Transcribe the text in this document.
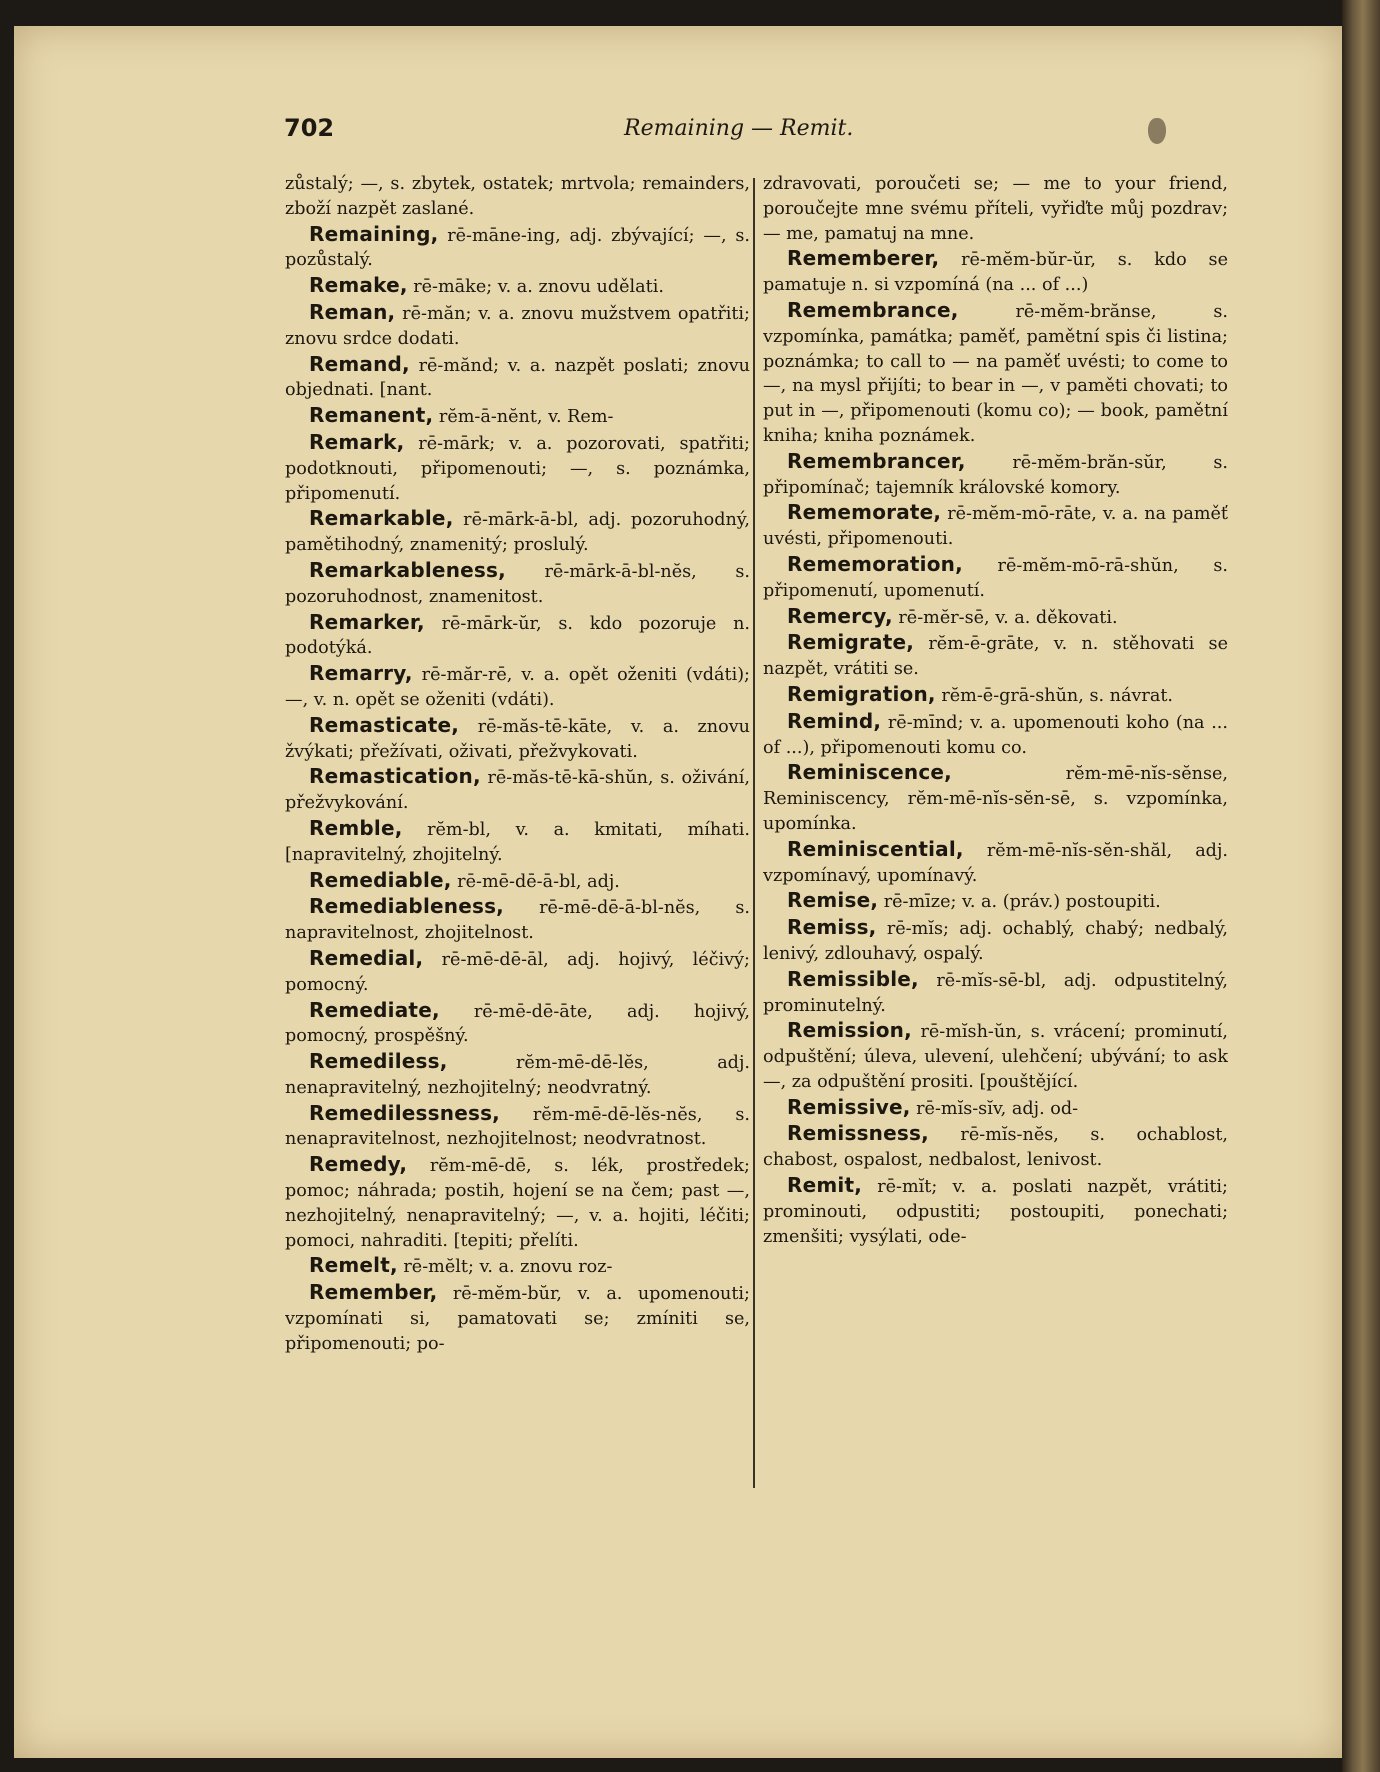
702	Remaining — Remit.

zůstalý; —, s. zbytek, ostatek; mrtvola; remainders, zboží nazpět zaslané.

Remaining, rē-māne-ing, adj. zbývající; —, s. pozůstalý.

Remake, rē-māke; v. a. znovu udělati.

Reman, rē-măn; v. a. znovu mužstvem opatřiti; znovu srdce dodati.

Remand, rē-mănd; v. a. nazpět poslati; znovu objednati. [nant.

Remanent, rĕm-ā-nĕnt, v. Rem-

Remark, rē-mārk; v. a. pozorovati, spatřiti; podotknouti, připomenouti; —, s. poznámka, připomenutí.

Remarkable, rē-mārk-ā-bl, adj. pozoruhodný, pamětihodný, znamenitý; proslulý.

Remarkableness, rē-mārk-ā-bl-nĕs, s. pozoruhodnost, znamenitost.

Remarker, rē-mārk-ŭr, s. kdo pozoruje n. podotýká.

Remarry, rē-măr-rē, v. a. opět oženiti (vdáti); —, v. n. opět se oženiti (vdáti).

Remasticate, rē-măs-tē-kāte, v. a. znovu žvýkati; přežívati, oživati, přežvykovati.

Remastication, rē-măs-tē-kā-shŭn, s. oživání, přežvykování.

Remble, rĕm-bl, v. a. kmitati, míhati. [napravitelný, zhojitelný.

Remediable, rē-mē-dē-ā-bl, adj.

Remediableness, rē-mē-dē-ā-bl-nĕs, s. napravitelnost, zhojitelnost.

Remedial, rē-mē-dē-āl, adj. hojivý, léčivý; pomocný.

Remediate, rē-mē-dē-āte, adj. hojivý, pomocný, prospěšný.

Remediless, rĕm-mē-dē-lĕs, adj. nenapravitelný, nezhojitelný; neodvratný.

Remedilessness, rĕm-mē-dē-lĕs-nĕs, s. nenapravitelnost, nezhojitelnost; neodvratnost.

Remedy, rĕm-mē-dē, s. lék, prostředek; pomoc; náhrada; postih, hojení se na čem; past —, nezhojitelný, nenapravitelný; —, v. a. hojiti, léčiti; pomoci, nahraditi. [tepiti; přelíti.

Remelt, rē-mĕlt; v. a. znovu roz-

Remember, rē-mĕm-bŭr, v. a. upomenouti; vzpomínati si, pamatovati se; zmíniti se, připomenouti; po-

zdravovati, poroučeti se; — me to your friend, poroučejte mne svému příteli, vyřiďte můj pozdrav; — me, pamatuj na mne.

Rememberer, rē-mĕm-bŭr-ŭr, s. kdo se pamatuje n. si vzpomíná (na ... of ...)

Remembrance, rē-mĕm-brănse, s. vzpomínka, památka; paměť, pamětní spis či listina; poznámka; to call to — na paměť uvésti; to come to —, na mysl přijíti; to bear in —, v paměti chovati; to put in —, připomenouti (komu co); — book, pamětní kniha; kniha poznámek.

Remembrancer, rē-mĕm-brăn-sŭr, s. připomínač; tajemník královské komory.

Rememorate, rē-mĕm-mō-rāte, v. a. na paměť uvésti, připomenouti.

Rememoration, rē-mĕm-mō-rā-shŭn, s. připomenutí, upomenutí.

Remercy, rē-mĕr-sē, v. a. děkovati.

Remigrate, rĕm-ē-grāte, v. n. stěhovati se nazpět, vrátiti se.

Remigration, rĕm-ē-grā-shŭn, s. návrat.

Remind, rē-mīnd; v. a. upomenouti koho (na ... of ...), připomenouti komu co.

Reminiscence, rĕm-mē-nĭs-sĕnse, Reminiscency, rĕm-mē-nĭs-sĕn-sē, s. vzpomínka, upomínka.

Reminiscential, rĕm-mē-nĭs-sĕn-shăl, adj. vzpomínavý, upomínavý.

Remise, rē-mīze; v. a. (práv.) postoupiti.

Remiss, rē-mĭs; adj. ochablý, chabý; nedbalý, lenivý, zdlouhavý, ospalý.

Remissible, rē-mĭs-sē-bl, adj. odpustitelný, prominutelný.

Remission, rē-mĭsh-ŭn, s. vrácení; prominutí, odpuštění; úleva, ulevení, ulehčení; ubývání; to ask —, za odpuštění prositi. [pouštějící.

Remissive, rē-mĭs-sĭv, adj. od-

Remissness, rē-mĭs-nĕs, s. ochablost, chabost, ospalost, nedbalost, lenivost.

Remit, rē-mĭt; v. a. poslati nazpět, vrátiti; prominouti, odpustiti; postoupiti, ponechati; zmenšiti; vysýlati, ode-
